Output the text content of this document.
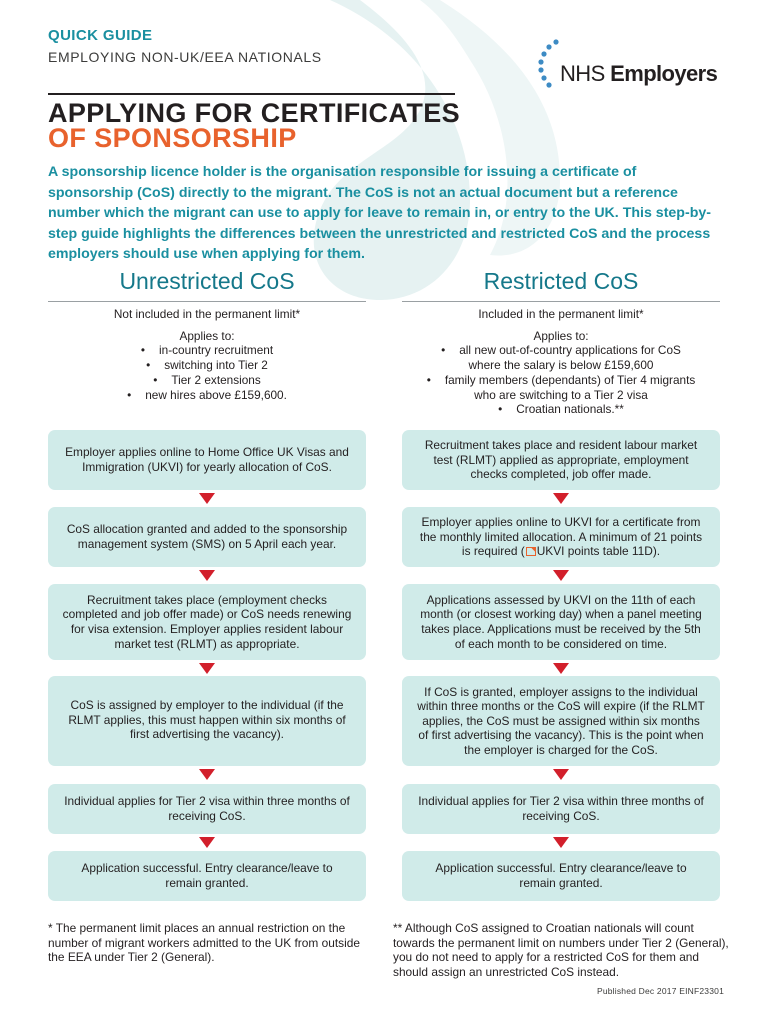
QUICK GUIDE
EMPLOYING NON-UK/EEA NATIONALS
NHS Employers
APPLYING FOR CERTIFICATES
OF SPONSORSHIP
A sponsorship licence holder is the organisation responsible for issuing a certificate of sponsorship (CoS) directly to the migrant. The CoS is not an actual document but a reference number which the migrant can use to apply for leave to remain in, or entry to the UK. This step-by-step guide highlights the differences between the unrestricted and restricted CoS and the process employers should use when applying for them.
Unrestricted CoS	Restricted CoS
Not included in the permanent limit*
Applies to:
• in-country recruitment
• switching into Tier 2
• Tier 2 extensions
• new hires above £159,600.
Included in the permanent limit*
Applies to:
• all new out-of-country applications for CoS
where the salary is below £159,600
• family members (dependants) of Tier 4 migrants
who are switching to a Tier 2 visa
• Croatian nationals.**
Employer applies online to Home Office UK Visas and Immigration (UKVI) for yearly allocation of CoS.
CoS allocation granted and added to the sponsorship management system (SMS) on 5 April each year.
Recruitment takes place (employment checks completed and job offer made) or CoS needs renewing for visa extension. Employer applies resident labour market test (RLMT) as appropriate.
CoS is assigned by employer to the individual (if the RLMT applies, this must happen within six months of first advertising the vacancy).
Individual applies for Tier 2 visa within three months of receiving CoS.
Application successful. Entry clearance/leave to remain granted.
Recruitment takes place and resident labour market test (RLMT) applied as appropriate, employment checks completed, job offer made.
Employer applies online to UKVI for a certificate from the monthly limited allocation. A minimum of 21 points is required ( UKVI points table 11D).
Applications assessed by UKVI on the 11th of each month (or closest working day) when a panel meeting takes place. Applications must be received by the 5th of each month to be considered on time.
If CoS is granted, employer assigns to the individual within three months or the CoS will expire (if the RLMT applies, the CoS must be assigned within six months of first advertising the vacancy). This is the point when the employer is charged for the CoS.
Individual applies for Tier 2 visa within three months of receiving CoS.
Application successful. Entry clearance/leave to remain granted.
* The permanent limit places an annual restriction on the number of migrant workers admitted to the UK from outside the EEA under Tier 2 (General).
** Although CoS assigned to Croatian nationals will count towards the permanent limit on numbers under Tier 2 (General), you do not need to apply for a restricted CoS for them and should assign an unrestricted CoS instead.
Published Dec 2017 EINF23301
